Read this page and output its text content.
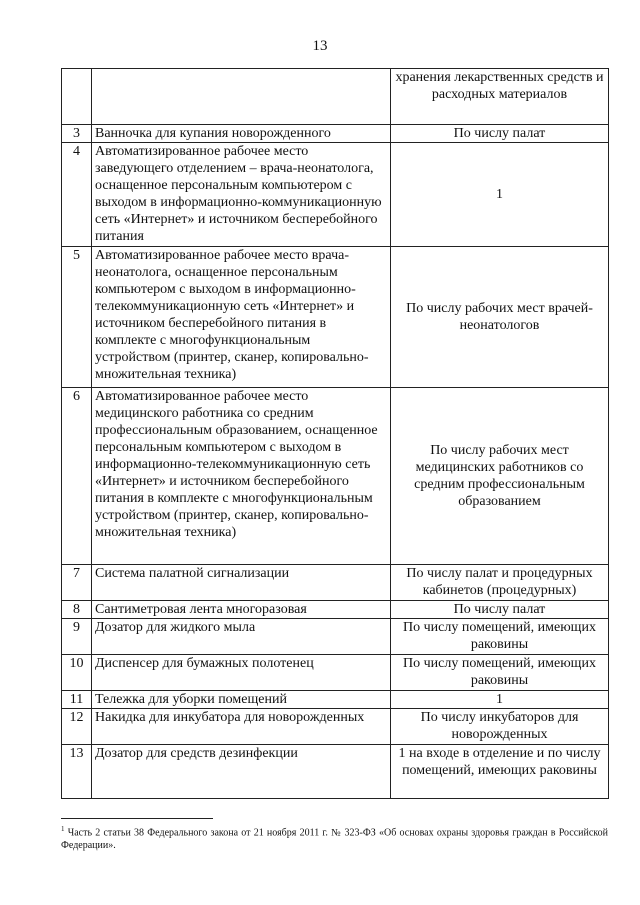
13
		хранения лекарственных средств и расходных материалов
3	Ванночка для купания новорожденного	По числу палат
4	Автоматизированное рабочее место заведующего отделением – врача-неонатолога, оснащенное персональным компьютером с выходом в информационно-коммуникационную сеть «Интернет» и источником бесперебойного питания	1
5	Автоматизированное рабочее место врача-неонатолога, оснащенное персональным компьютером с выходом в информационно-телекоммуникационную сеть «Интернет» и источником бесперебойного питания в комплекте с многофункциональным устройством (принтер, сканер, копировально-множительная техника)	По числу рабочих мест врачей-неонатологов
6	Автоматизированное рабочее место медицинского работника со средним профессиональным образованием, оснащенное персональным компьютером с выходом в информационно-телекоммуникационную сеть «Интернет» и источником бесперебойного питания в комплекте с многофункциональным устройством (принтер, сканер, копировально-множительная техника)	По числу рабочих мест медицинских работников со средним профессиональным образованием
7	Система палатной сигнализации	По числу палат и процедурных кабинетов (процедурных)
8	Сантиметровая лента многоразовая	По числу палат
9	Дозатор для жидкого мыла	По числу помещений, имеющих раковины
10	Диспенсер для бумажных полотенец	По числу помещений, имеющих раковины
11	Тележка для уборки помещений	1
12	Накидка для инкубатора для новорожденных	По числу инкубаторов для новорожденных
13	Дозатор для средств дезинфекции	1 на входе в отделение и по числу помещений, имеющих раковины
$^1$ Часть 2 статьи 38 Федерального закона от 21 ноября 2011 г. № 323-ФЗ «Об основах охраны здоровья граждан в Российской Федерации».
